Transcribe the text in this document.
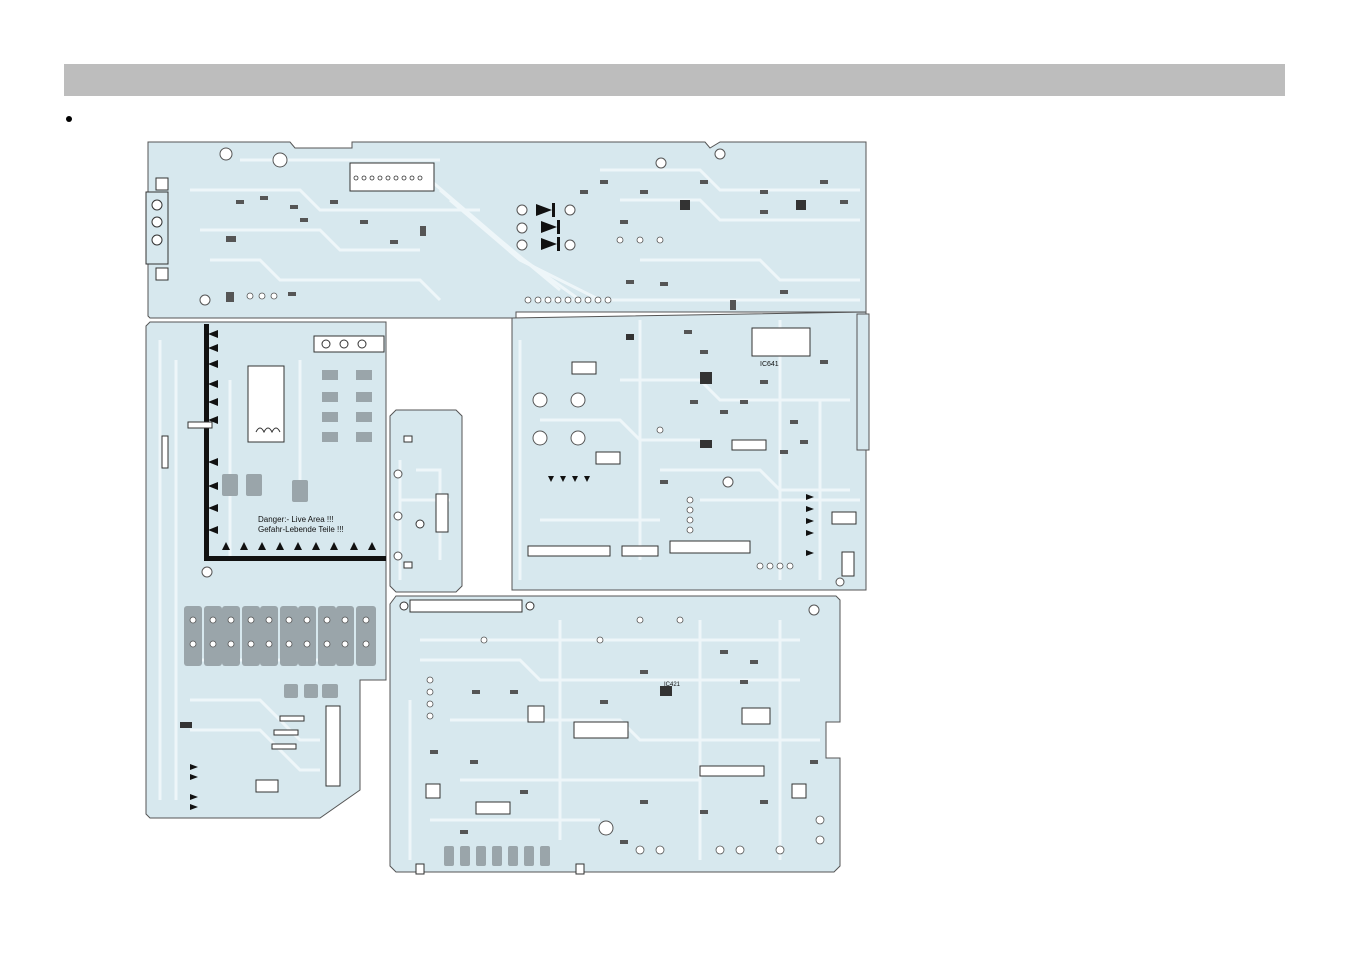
IC641
Danger:- Live Area !!!
Gefahr-Lebende Teile !!!
IC421
